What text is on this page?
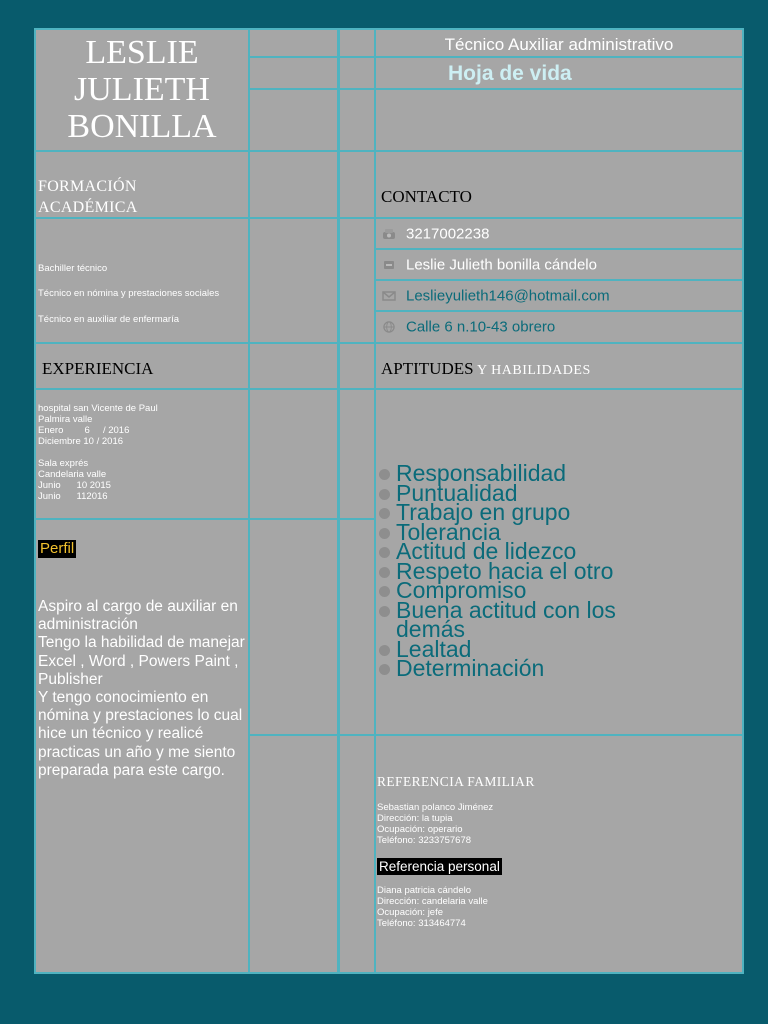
LESLIE
JULIETH
BONILLA
FORMACIÓN
ACADÉMICA
Bachiller técnico
Técnico en nómina y prestaciones sociales
Técnico en auxiliar de enfermaría
EXPERIENCIA
hospital san Vicente de Paul
Palmira valle
Enero        6     / 2016
Diciembre 10 / 2016
Sala exprés
Candelaria valle
Junio      10 2015
Junio      112016
Perfil
Aspiro al cargo de auxiliar en administración
Tengo la habilidad de manejar Excel , Word , Powers Paint , Publisher
Y tengo conocimiento en nómina y prestaciones lo cual hice un técnico y realicé practicas un año y me siento preparada para este cargo.
Técnico Auxiliar administrativo
Hoja de vida
CONTACTO
3217002238
Leslie Julieth bonilla cándelo
Leslieyulieth146@hotmail.com
Calle 6 n.10-43 obrero
APTITUDES Y HABILIDADES
Responsabilidad
Puntualidad
Trabajo en grupo
Tolerancia
Actitud de lidezco
Respeto hacia el otro
Compromiso
Buena actitud con los
demás
Lealtad
Determinación
REFERENCIA FAMILIAR
Sebastian polanco Jiménez
Dirección: la tupia
Ocupación: operario
Teléfono: 3233757678
Referencia personal
Diana patricia cándelo
Dirección: candelaria valle
Ocupación: jefe
Teléfono: 313464774
